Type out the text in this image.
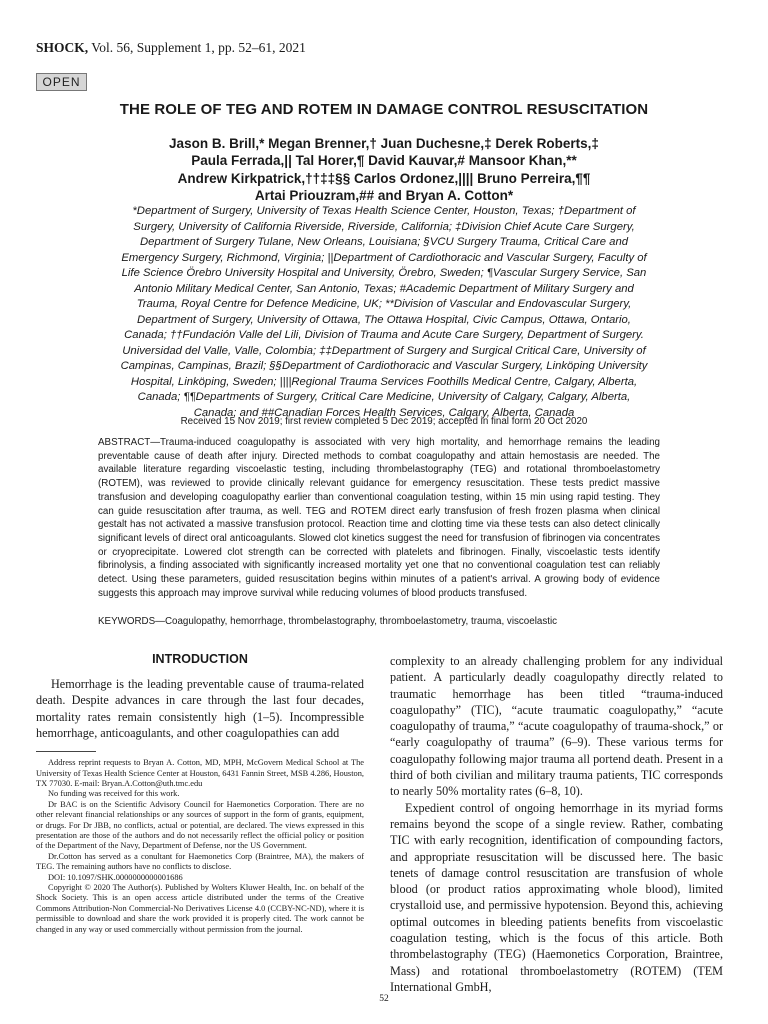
SHOCK, Vol. 56, Supplement 1, pp. 52–61, 2021
OPEN
THE ROLE OF TEG AND ROTEM IN DAMAGE CONTROL RESUSCITATION
Jason B. Brill,* Megan Brenner,† Juan Duchesne,‡ Derek Roberts,‡
Paula Ferrada,|| Tal Horer,¶ David Kauvar,# Mansoor Khan,**
Andrew Kirkpatrick,††‡‡§§ Carlos Ordonez,|||| Bruno Perreira,¶¶
Artai Priouzram,## and Bryan A. Cotton*
*Department of Surgery, University of Texas Health Science Center, Houston, Texas; †Department of
Surgery, University of California Riverside, Riverside, California; ‡Division Chief Acute Care Surgery,
Department of Surgery Tulane, New Orleans, Louisiana; §VCU Surgery Trauma, Critical Care and
Emergency Surgery, Richmond, Virginia; ||Department of Cardiothoracic and Vascular Surgery, Faculty of
Life Science Örebro University Hospital and University, Örebro, Sweden; ¶Vascular Surgery Service, San
Antonio Military Medical Center, San Antonio, Texas; #Academic Department of Military Surgery and
Trauma, Royal Centre for Defence Medicine, UK; **Division of Vascular and Endovascular Surgery,
Department of Surgery, University of Ottawa, The Ottawa Hospital, Civic Campus, Ottawa, Ontario,
Canada; ††Fundación Valle del Lili, Division of Trauma and Acute Care Surgery, Department of Surgery.
Universidad del Valle, Valle, Colombia; ‡‡Department of Surgery and Surgical Critical Care, University of
Campinas, Campinas, Brazil; §§Department of Cardiothoracic and Vascular Surgery, Linköping University
Hospital, Linköping, Sweden; ||||Regional Trauma Services Foothills Medical Centre, Calgary, Alberta,
Canada; ¶¶Departments of Surgery, Critical Care Medicine, University of Calgary, Calgary, Alberta,
Canada; and ##Canadian Forces Health Services, Calgary, Alberta, Canada
Received 15 Nov 2019; first review completed 5 Dec 2019; accepted in final form 20 Oct 2020

ABSTRACT—Trauma-induced coagulopathy is associated with very high mortality, and hemorrhage remains the leading preventable cause of death after injury. Directed methods to combat coagulopathy and attain hemostasis are needed. The available literature regarding viscoelastic testing, including thrombelastography (TEG) and rotational thromboelastometry (ROTEM), was reviewed to provide clinically relevant guidance for emergency resuscitation. These tests predict massive transfusion and developing coagulopathy earlier than conventional coagulation testing, within 15 min using rapid testing. They can guide resuscitation after trauma, as well. TEG and ROTEM direct early transfusion of fresh frozen plasma when clinical gestalt has not activated a massive transfusion protocol. Reaction time and clotting time via these tests can also detect clinically significant levels of direct oral anticoagulants. Slowed clot kinetics suggest the need for transfusion of fibrinogen via concentrates or cryoprecipitate. Lowered clot strength can be corrected with platelets and fibrinogen. Finally, viscoelastic tests identify fibrinolysis, a finding associated with significantly increased mortality yet one that no conventional coagulation test can reliably detect. Using these parameters, guided resuscitation begins within minutes of a patient's arrival. A growing body of evidence suggests this approach may improve survival while reducing volumes of blood products transfused.

KEYWORDS—Coagulopathy, hemorrhage, thrombelastography, thromboelastometry, trauma, viscoelastic

INTRODUCTION

Hemorrhage is the leading preventable cause of trauma-related death. Despite advances in care through the last four decades, mortality rates remain consistently high (1–5). Incompressible hemorrhage, anticoagulants, and other coagulopathies can add

Address reprint requests to Bryan A. Cotton, MD, MPH, McGovern Medical School at The University of Texas Health Science Center at Houston, 6431 Fannin Street, MSB 4.286, Houston, TX 77030. E-mail: Bryan.A.Cotton@uth.tmc.edu

No funding was received for this work.

Dr BAC is on the Scientific Advisory Council for Haemonetics Corporation. There are no other relevant financial relationships or any sources of support in the form of grants, equipment, or drugs. For Dr JBB, no conflicts, actual or potential, are declared. The views expressed in this presentation are those of the authors and do not necessarily reflect the official policy or position of the Department of the Navy, Department of Defense, nor the US Government.

Dr.Cotton has served as a conultant for Haemonetics Corp (Braintree, MA), the makers of TEG. The remaining authors have no conflicts to disclose.

DOI: 10.1097/SHK.0000000000001686

Copyright © 2020 The Author(s). Published by Wolters Kluwer Health, Inc. on behalf of the Shock Society. This is an open access article distributed under the terms of the Creative Commons Attribution-Non Commercial-No Derivatives License 4.0 (CCBY-NC-ND), where it is permissible to download and share the work provided it is properly cited. The work cannot be changed in any way or used commercially without permission from the journal.

complexity to an already challenging problem for any individual patient. A particularly deadly coagulopathy directly related to traumatic hemorrhage has been titled “trauma-induced coagulopathy” (TIC), “acute traumatic coagulopathy,” “acute coagulopathy of trauma,” “acute coagulopathy of trauma-shock,” or “early coagulopathy of trauma” (6–9). These various terms for coagulopathy following major trauma all portend death. Present in a third of both civilian and military trauma patients, TIC corresponds to nearly 50% mortality rates (6–8, 10).

Expedient control of ongoing hemorrhage in its myriad forms remains beyond the scope of a single review. Rather, combating TIC with early recognition, identification of compounding factors, and appropriate resuscitation will be discussed here. The basic tenets of damage control resuscitation are transfusion of whole blood (or product ratios approximating whole blood), limited crystalloid use, and permissive hypotension. Beyond this, achieving optimal outcomes in bleeding patients benefits from viscoelastic coagulation testing, which is the focus of this article. Both thrombelastography (TEG) (Haemonetics Corporation, Braintree, Mass) and rotational thromboelastometry (ROTEM) (TEM International GmbH,

52
